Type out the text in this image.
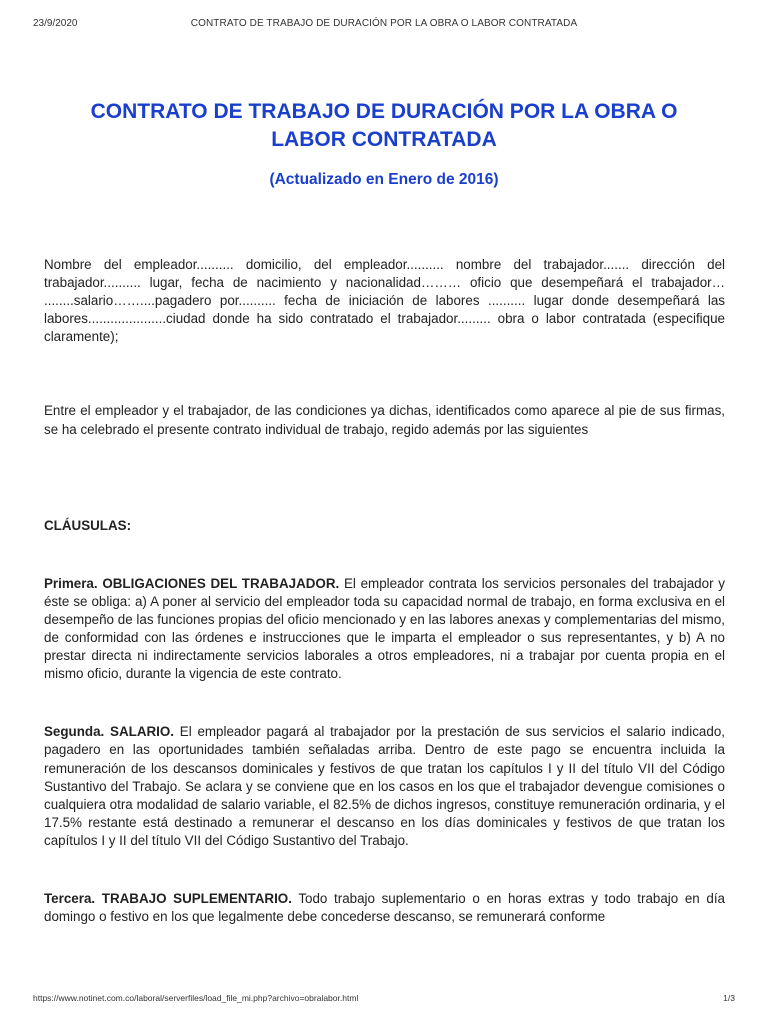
23/9/2020	CONTRATO DE TRABAJO DE DURACIÓN POR LA OBRA O LABOR CONTRATADA
CONTRATO DE TRABAJO DE DURACIÓN POR LA OBRA O LABOR CONTRATADA
(Actualizado en Enero de 2016)

Nombre del empleador.......... domicilio, del empleador.......... nombre del trabajador....... dirección del trabajador.......... lugar, fecha de nacimiento y nacionalidad……… oficio que desempeñará el trabajador… ........salario……....pagadero por.......... fecha de iniciación de labores .......... lugar donde desempeñará las labores.....................ciudad donde ha sido contratado el trabajador......... obra o labor contratada (especifique claramente);

Entre el empleador y el trabajador, de las condiciones ya dichas, identificados como aparece al pie de sus firmas, se ha celebrado el presente contrato individual de trabajo, regido además por las siguientes

CLÁUSULAS:

Primera. OBLIGACIONES DEL TRABAJADOR. El empleador contrata los servicios personales del trabajador y éste se obliga: a) A poner al servicio del empleador toda su capacidad normal de trabajo, en forma exclusiva en el desempeño de las funciones propias del oficio mencionado y en las labores anexas y complementarias del mismo, de conformidad con las órdenes e instrucciones que le imparta el empleador o sus representantes, y b) A no prestar directa ni indirectamente servicios laborales a otros empleadores, ni a trabajar por cuenta propia en el mismo oficio, durante la vigencia de este contrato.

Segunda. SALARIO. El empleador pagará al trabajador por la prestación de sus servicios el salario indicado, pagadero en las oportunidades también señaladas arriba. Dentro de este pago se encuentra incluida la remuneración de los descansos dominicales y festivos de que tratan los capítulos I y II del título VII del Código Sustantivo del Trabajo. Se aclara y se conviene que en los casos en los que el trabajador devengue comisiones o cualquiera otra modalidad de salario variable, el 82.5% de dichos ingresos, constituye remuneración ordinaria, y el 17.5% restante está destinado a remunerar el descanso en los días dominicales y festivos de que tratan los capítulos I y II del título VII del Código Sustantivo del Trabajo.

Tercera. TRABAJO SUPLEMENTARIO. Todo trabajo suplementario o en horas extras y todo trabajo en día domingo o festivo en los que legalmente debe concederse descanso, se remunerará conforme

https://www.notinet.com.co/laboral/serverfiles/load_file_mi.php?archivo=obralabor.html	1/3
